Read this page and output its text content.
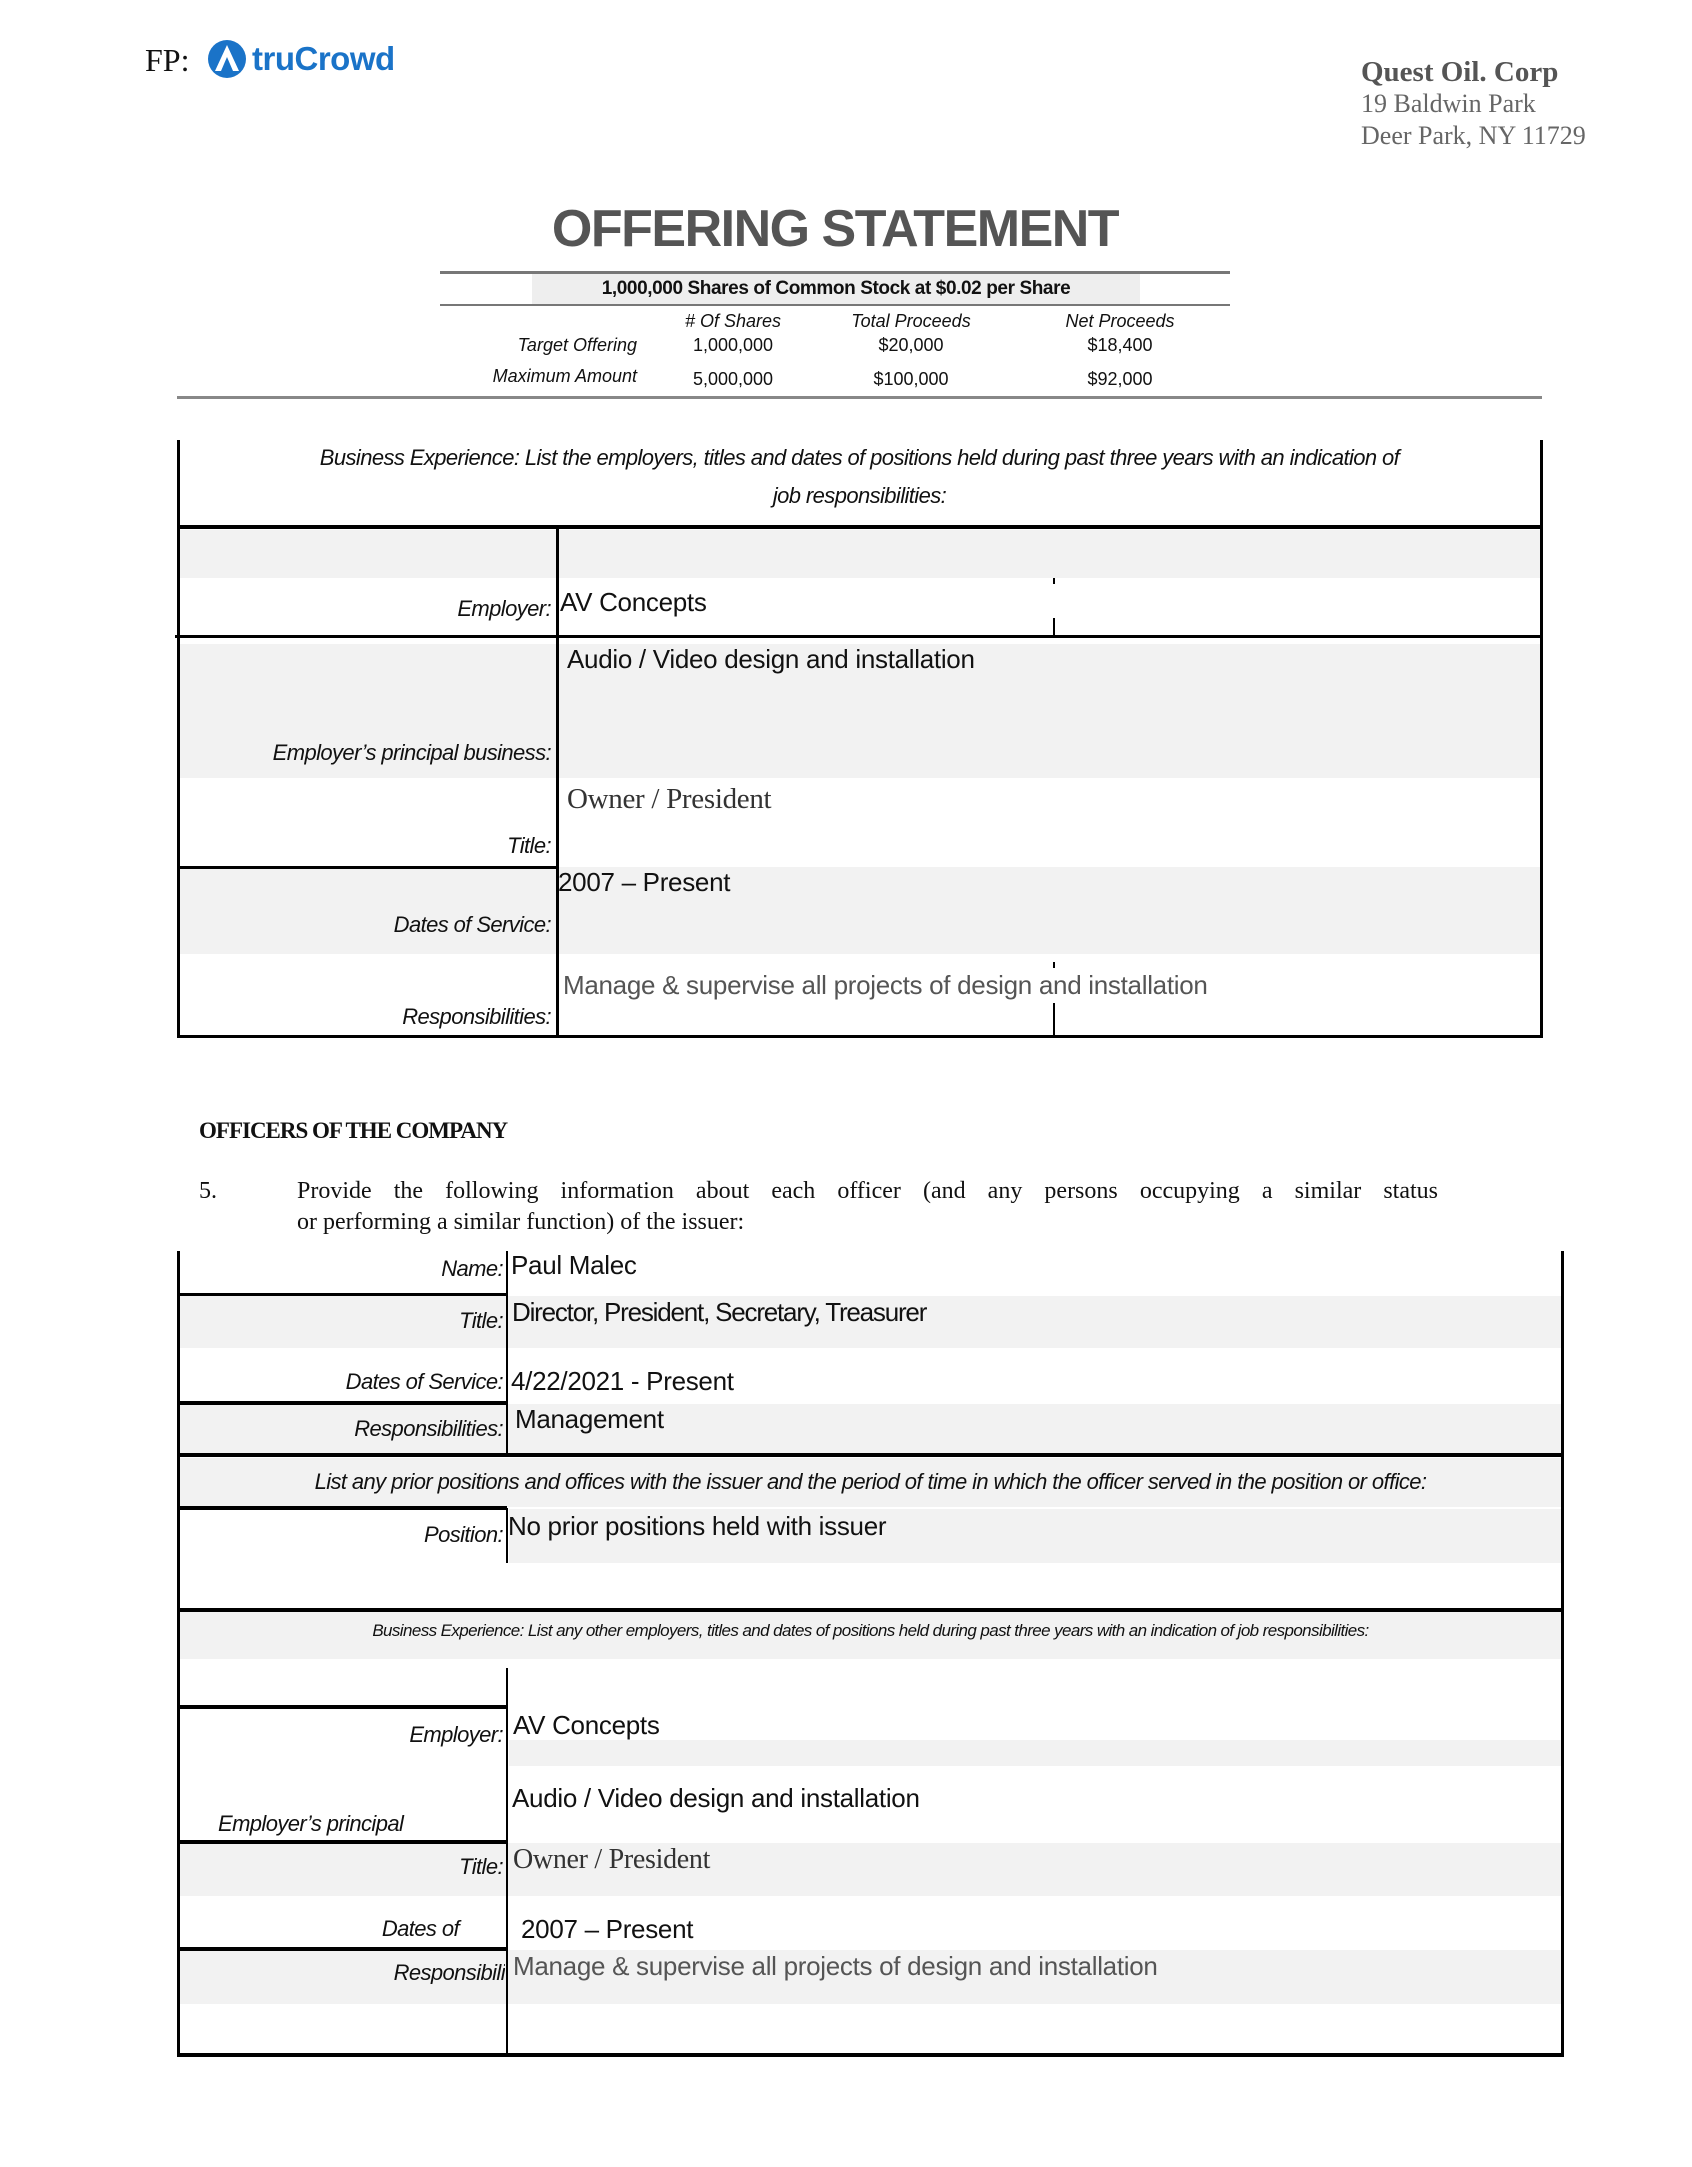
FP: truCrowd	Quest Oil. Corp
19 Baldwin Park
Deer Park, NY 11729
OFFERING STATEMENT
1,000,000 Shares of Common Stock at $0.02 per Share
# Of Shares	Total Proceeds	Net Proceeds
Target Offering	1,000,000	$20,000	$18,400
Maximum Amount	5,000,000	$100,000	$92,000
Business Experience: List the employers, titles and dates of positions held during past three years with an indication of
job responsibilities:
Employer: AV Concepts
Employer’s principal business:
Audio / Video design and installation
Title:
Owner / President
Dates of Service:
2007 – Present
Responsibilities:
Manage & supervise all projects of design and installation
OFFICERS OF THE COMPANY
5.	Provide the following information about each officer (and any persons occupying a similar status
or performing a similar function) of the issuer:
Name: Paul Malec
Title: Director, President, Secretary, Treasurer
Dates of Service: 4/22/2021 - Present
Responsibilities: Management
List any prior positions and offices with the issuer and the period of time in which the officer served in the position or office:
Position: No prior positions held with issuer
Business Experience: List any other employers, titles and dates of positions held during past three years with an indication of job responsibilities:
Employer: AV Concepts
Employer’s principal
Audio / Video design and installation
Title: Owner / President
Dates of 2007 – Present
Responsibili Manage & supervise all projects of design and installation
